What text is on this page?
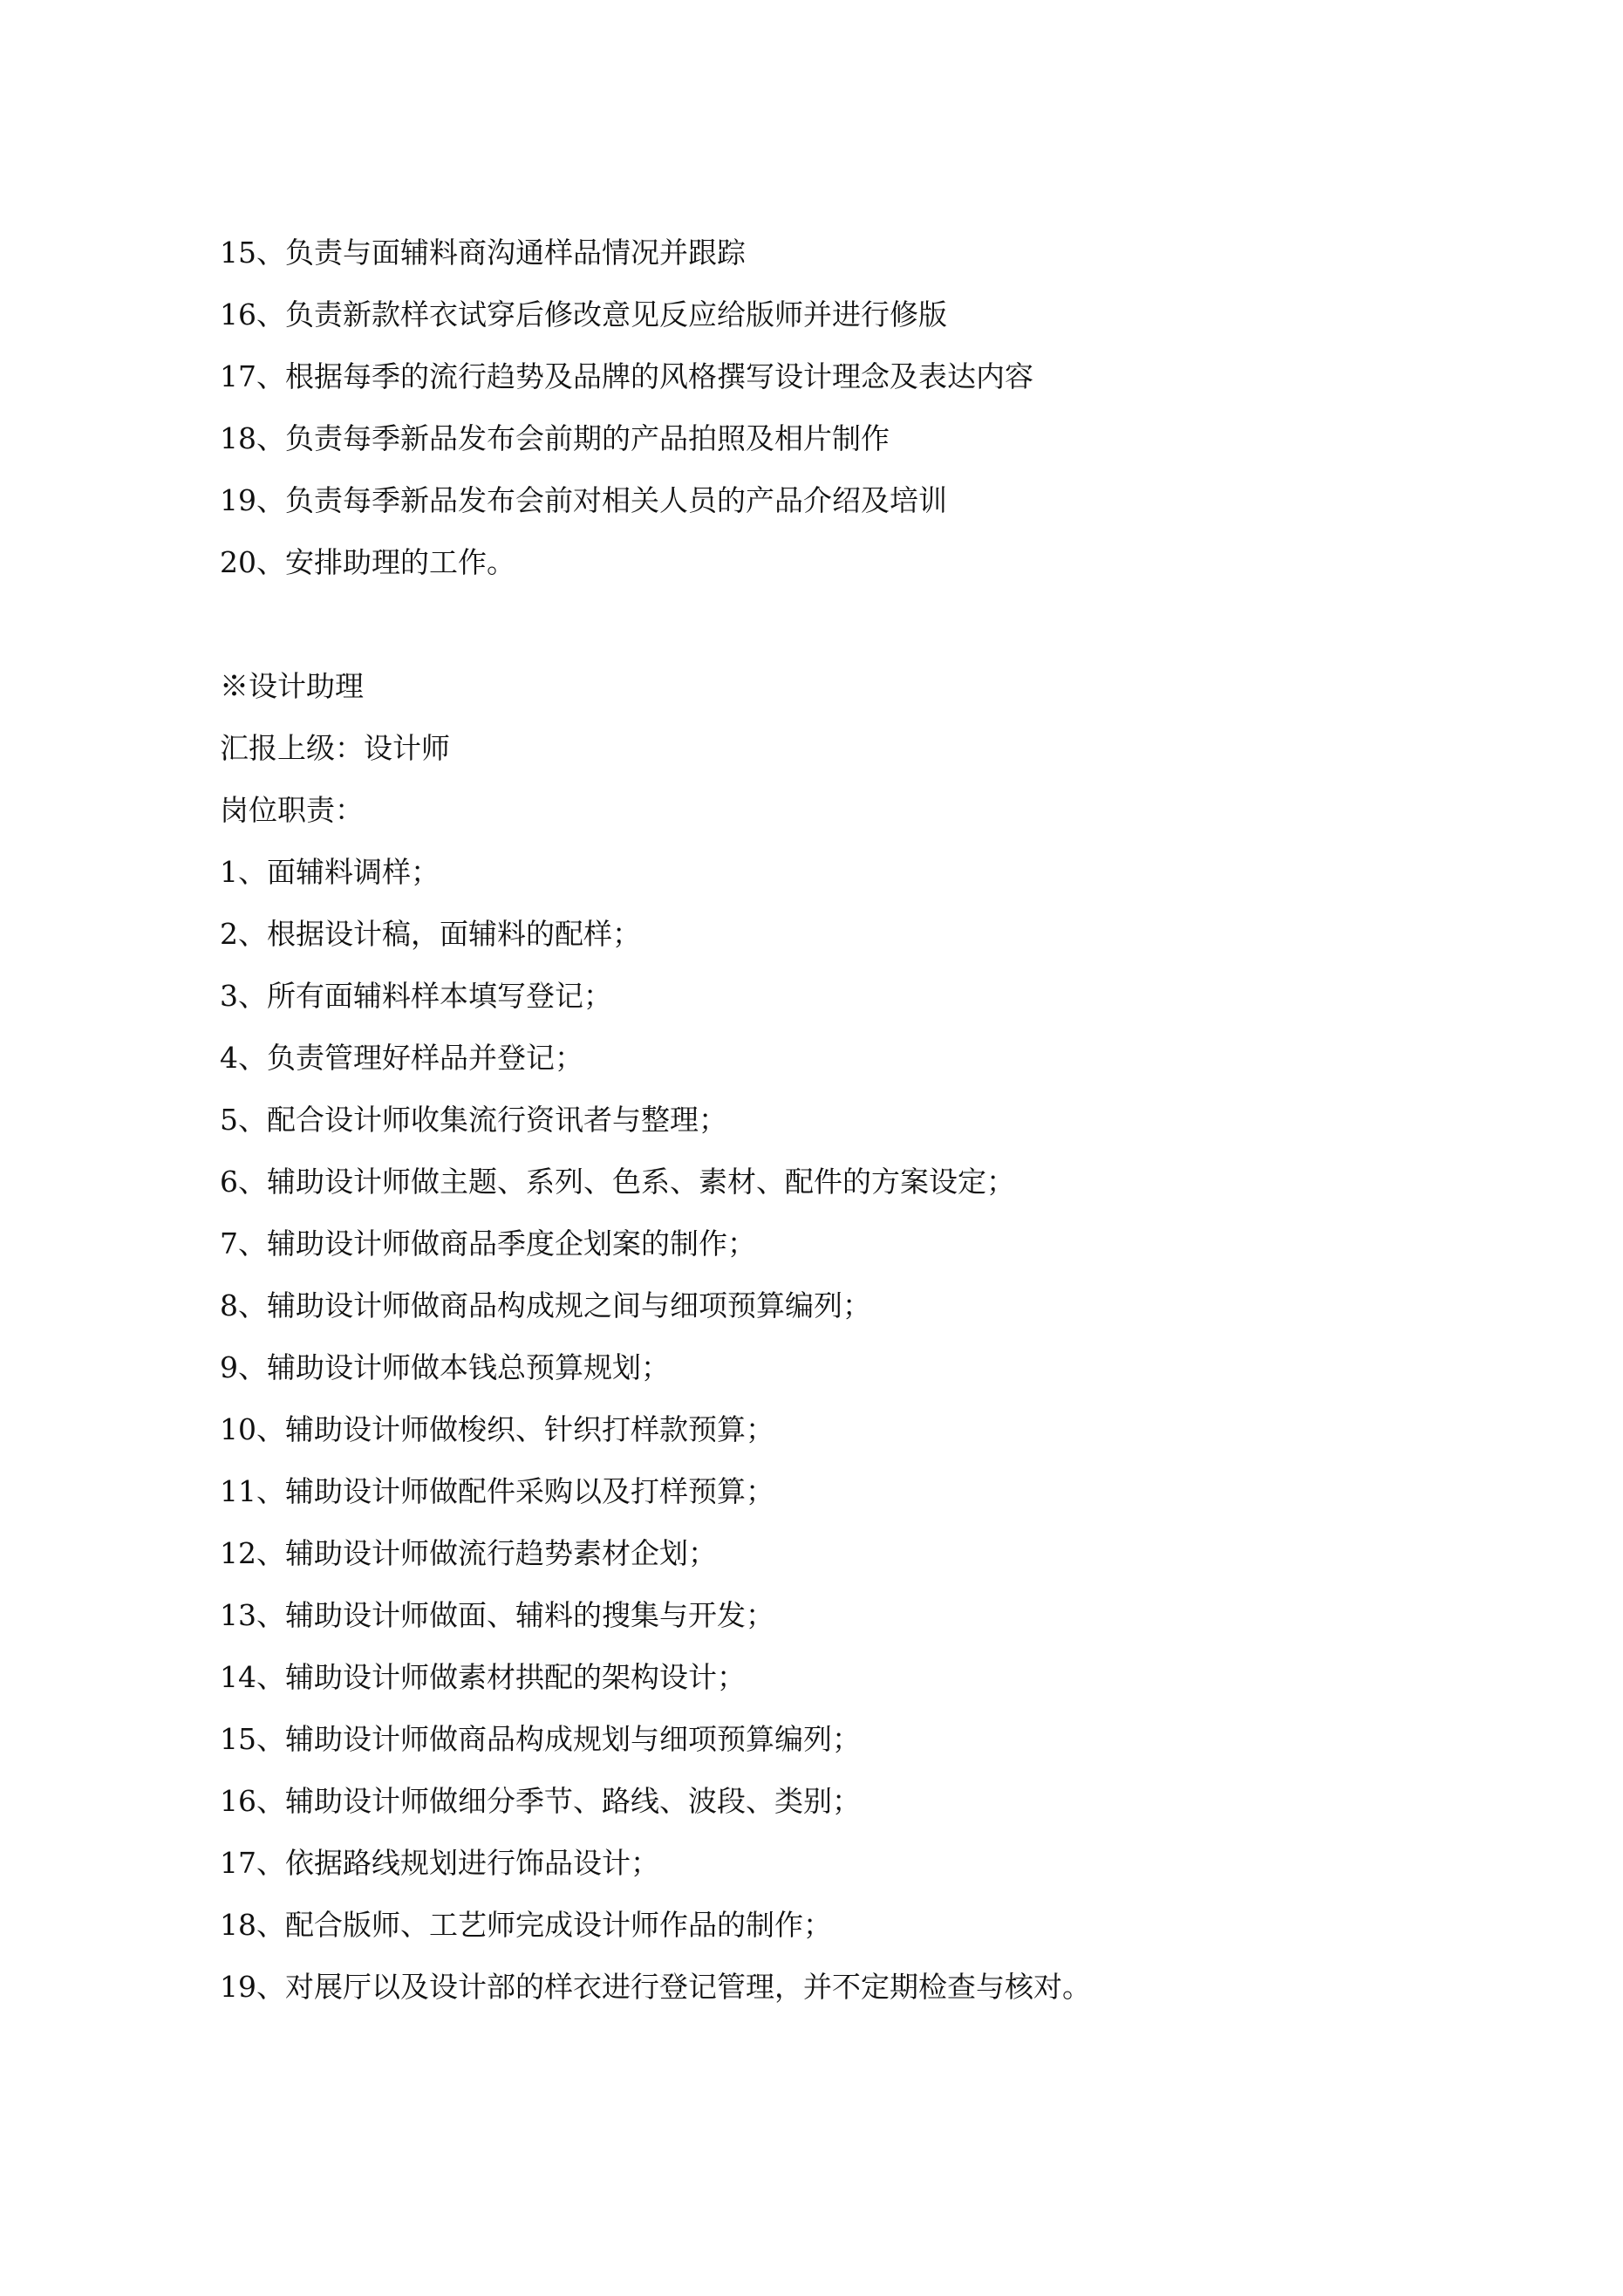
15、负责与面辅料商沟通样品情况并跟踪
16、负责新款样衣试穿后修改意见反应给版师并进行修版
17、根据每季的流行趋势及品牌的风格撰写设计理念及表达内容
18、负责每季新品发布会前期的产品拍照及相片制作
19、负责每季新品发布会前对相关人员的产品介绍及培训
20、安排助理的工作。
※设计助理
汇报上级：设计师
岗位职责：
1、面辅料调样；
2、根据设计稿，面辅料的配样；
3、所有面辅料样本填写登记；
4、负责管理好样品并登记；
5、配合设计师收集流行资讯者与整理；
6、辅助设计师做主题、系列、色系、素材、配件的方案设定；
7、辅助设计师做商品季度企划案的制作；
8、辅助设计师做商品构成规之间与细项预算编列；
9、辅助设计师做本钱总预算规划；
10、辅助设计师做梭织、针织打样款预算；
11、辅助设计师做配件采购以及打样预算；
12、辅助设计师做流行趋势素材企划；
13、辅助设计师做面、辅料的搜集与开发；
14、辅助设计师做素材拱配的架构设计；
15、辅助设计师做商品构成规划与细项预算编列；
16、辅助设计师做细分季节、路线、波段、类别；
17、依据路线规划进行饰品设计；
18、配合版师、工艺师完成设计师作品的制作；
19、对展厅以及设计部的样衣进行登记管理，并不定期检查与核对。
